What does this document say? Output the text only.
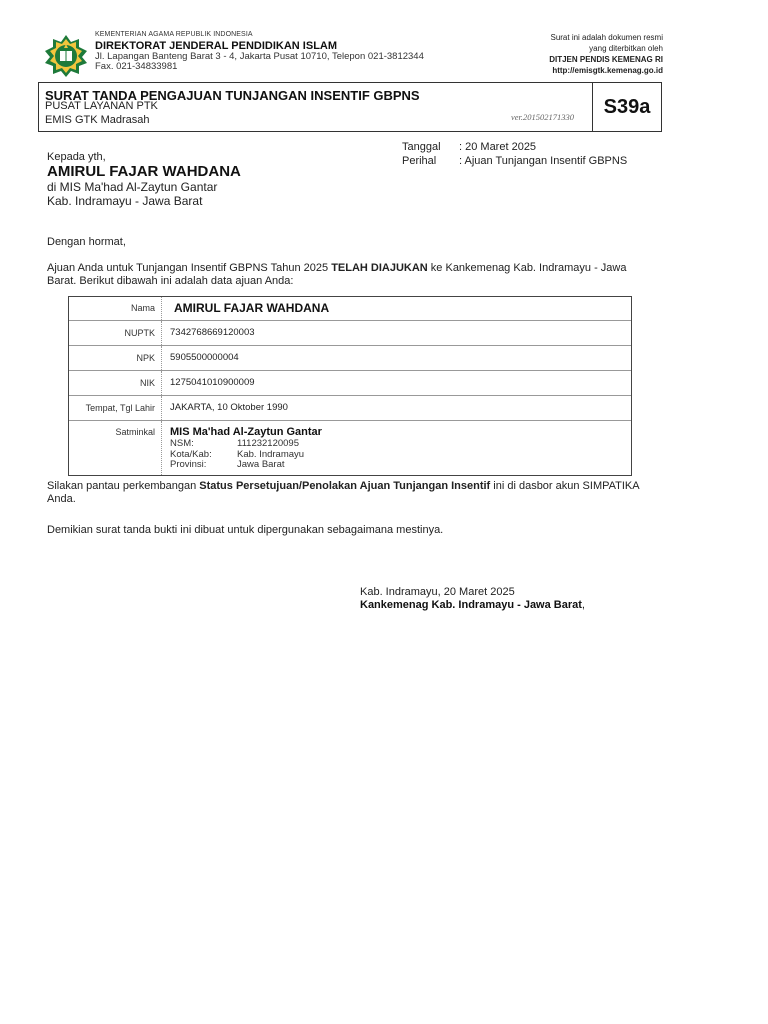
KEMENTERIAN AGAMA REPUBLIK INDONESIA
DIREKTORAT JENDERAL PENDIDIKAN ISLAM
Jl. Lapangan Banteng Barat 3 - 4, Jakarta Pusat 10710, Telepon 021-3812344
Fax. 021-34833981
Surat ini adalah dokumen resmi
yang diterbitkan oleh
DITJEN PENDIS KEMENAG RI
http://emisgtk.kemenag.go.id
SURAT TANDA PENGAJUAN TUNJANGAN INSENTIF GBPNS
PUSAT LAYANAN PTK
EMIS GTK Madrasah	ver.201502171330	S39a
Tanggal : 20 Maret 2025
Perihal : Ajuan Tunjangan Insentif GBPNS
Kepada yth,
AMIRUL FAJAR WAHDANA
di MIS Ma'had Al-Zaytun Gantar
Kab. Indramayu - Jawa Barat
Dengan hormat,
Ajuan Anda untuk Tunjangan Insentif GBPNS Tahun 2025 TELAH DIAJUKAN ke Kankemenag Kab. Indramayu - Jawa Barat. Berikut dibawah ini adalah data ajuan Anda:
Nama	AMIRUL FAJAR WAHDANA
NUPTK	7342768669120003
NPK	5905500000004
NIK	1275041010900009
Tempat, Tgl Lahir	JAKARTA, 10 Oktober 1990
Satminkal	MIS Ma'had Al-Zaytun Gantar
NSM:	111232120095
Kota/Kab:	Kab. Indramayu
Provinsi:	Jawa Barat
Silakan pantau perkembangan Status Persetujuan/Penolakan Ajuan Tunjangan Insentif ini di dasbor akun SIMPATIKA Anda.
Demikian surat tanda bukti ini dibuat untuk dipergunakan sebagaimana mestinya.
Kab. Indramayu, 20 Maret 2025
Kankemenag Kab. Indramayu - Jawa Barat,
